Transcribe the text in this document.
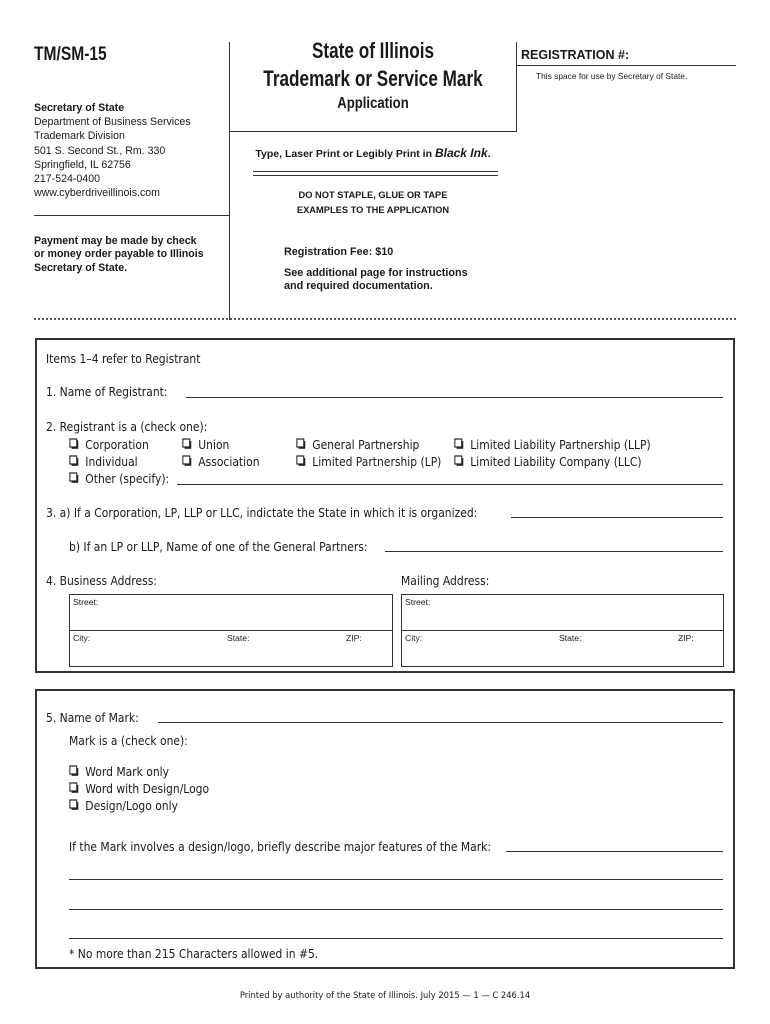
TM/SM-15	State of Illinois
Trademark or Service Mark
Application
REGISTRATION #:
This space for use by Secretary of State.
Secretary of State
Department of Business Services
Trademark Division
501 S. Second St., Rm. 330
Springfield, IL 62756
217-524-0400
www.cyberdriveillinois.com
Payment may be made by check
or money order payable to Illinois
Secretary of State.
Type, Laser Print or Legibly Print in Black Ink.
DO NOT STAPLE, GLUE OR TAPE
EXAMPLES TO THE APPLICATION
Registration Fee: $10
See additional page for instructions
and required documentation.
Items 1–4 refer to Registrant
1. Name of Registrant:
2. Registrant is a (check one):
Corporation	Union	General Partnership	Limited Liability Partnership (LLP)
Individual	Association	Limited Partnership (LP)	Limited Liability Company (LLC)
Other (specify):
3. a) If a Corporation, LP, LLP or LLC, indictate the State in which it is organized:
b) If an LP or LLP, Name of one of the General Partners:
4. Business Address:	Mailing Address:
Street:
City:	State:	ZIP:
Street:
City:	State:	ZIP:
5. Name of Mark:
Mark is a (check one):
Word Mark only
Word with Design/Logo
Design/Logo only
If the Mark involves a design/logo, briefly describe major features of the Mark:
* No more than 215 Characters allowed in #5.
Printed by authority of the State of Illinois. July 2015 — 1 — C 246.14
